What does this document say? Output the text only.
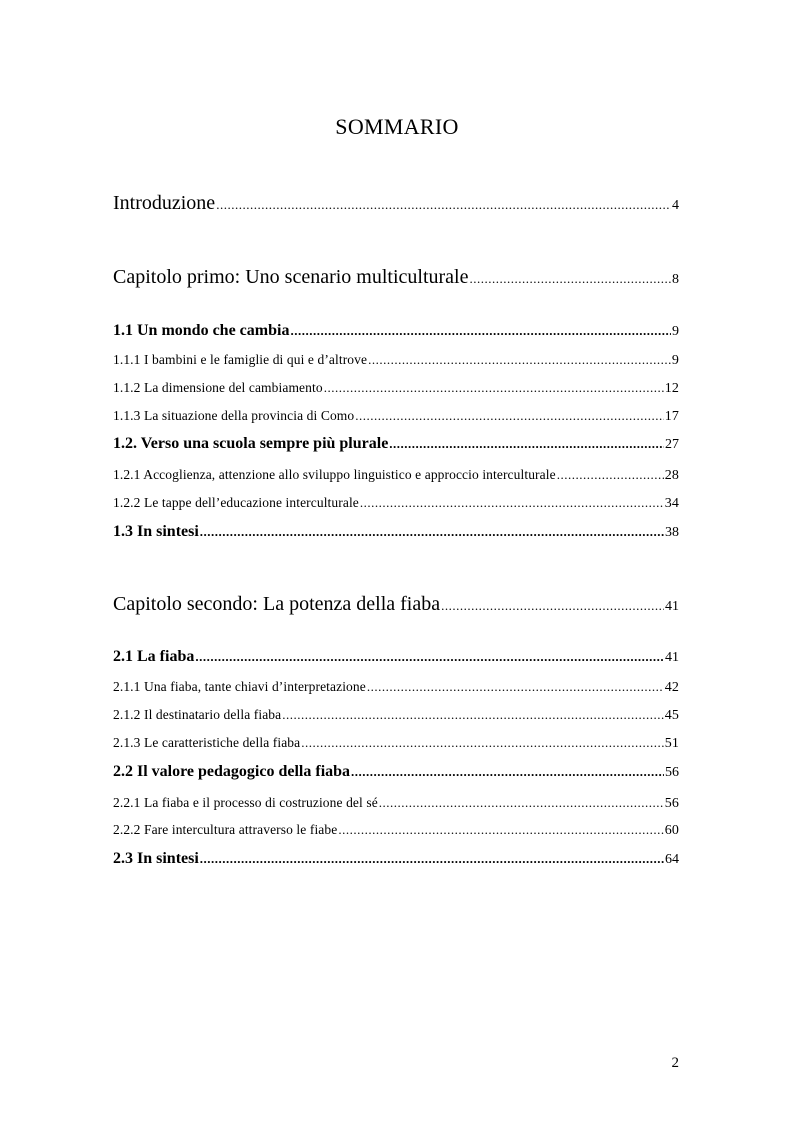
SOMMARIO
Introduzione .....	4
Capitolo primo: Uno scenario multiculturale .....	8
1.1 Un mondo che cambia .....	9
1.1.1 I bambini e le famiglie di qui e d’altrove .....	9
1.1.2 La dimensione del cambiamento .....	12
1.1.3 La situazione della provincia di Como .....	17
1.2. Verso una scuola sempre più plurale .....	27
1.2.1 Accoglienza, attenzione allo sviluppo linguistico e approccio interculturale .....	28
1.2.2 Le tappe dell’educazione interculturale .....	34
1.3 In sintesi .....	38
Capitolo secondo: La potenza della fiaba .....	41
2.1 La fiaba .....	41
2.1.1 Una fiaba, tante chiavi d’interpretazione .....	42
2.1.2 Il destinatario della fiaba .....	45
2.1.3 Le caratteristiche della fiaba .....	51
2.2 Il valore pedagogico della fiaba .....	56
2.2.1 La fiaba e il processo di costruzione del sé .....	56
2.2.2 Fare intercultura attraverso le fiabe .....	60
2.3 In sintesi .....	64
2
